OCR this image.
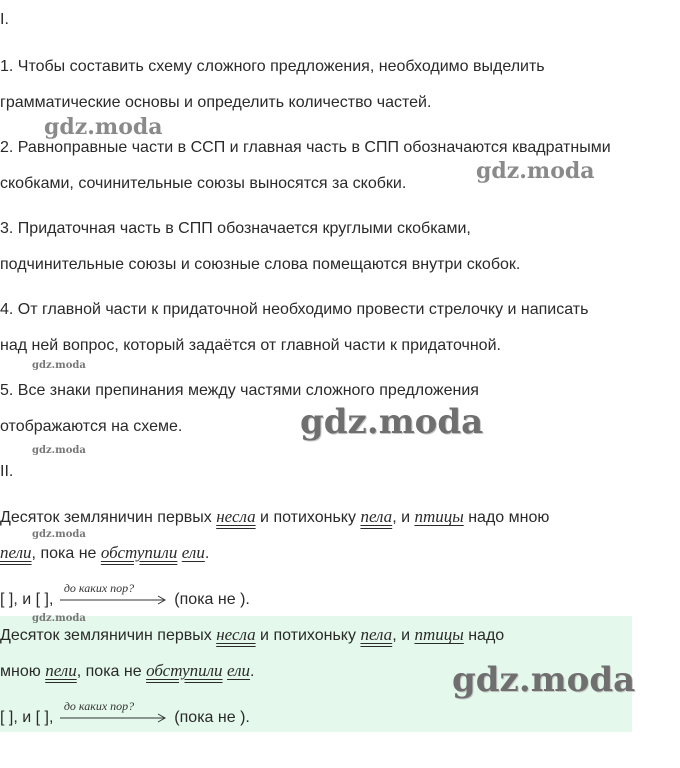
I.
1. Чтобы составить схему сложного предложения, необходимо выделить
грамматические основы и определить количество частей.
2. Равноправные части в ССП и главная часть в СПП обозначаются квадратными
скобками, сочинительные союзы выносятся за скобки.
3. Придаточная часть в СПП обозначается круглыми скобками,
подчинительные союзы и союзные слова помещаются внутри скобок.
4. От главной части к придаточной необходимо провести стрелочку и написать
над ней вопрос, который задаётся от главной части к придаточной.
5. Все знаки препинания между частями сложного предложения
отображаются на схеме.
II.
Десяток земляничин первых несла и потихоньку пела, и птицы надо мною
пели, пока не обступили ели.
[ ], и [ ],
до каких пор?
(пока не ).
Десяток земляничин первых несла и потихоньку пела, и птицы надо
мною пели, пока не обступили ели.
[ ], и [ ],
до каких пор?
(пока не ).
gdz.moda
gdz.moda
gdz.moda
gdz.moda
gdz.moda
gdz.moda
gdz.moda
gdz.moda
